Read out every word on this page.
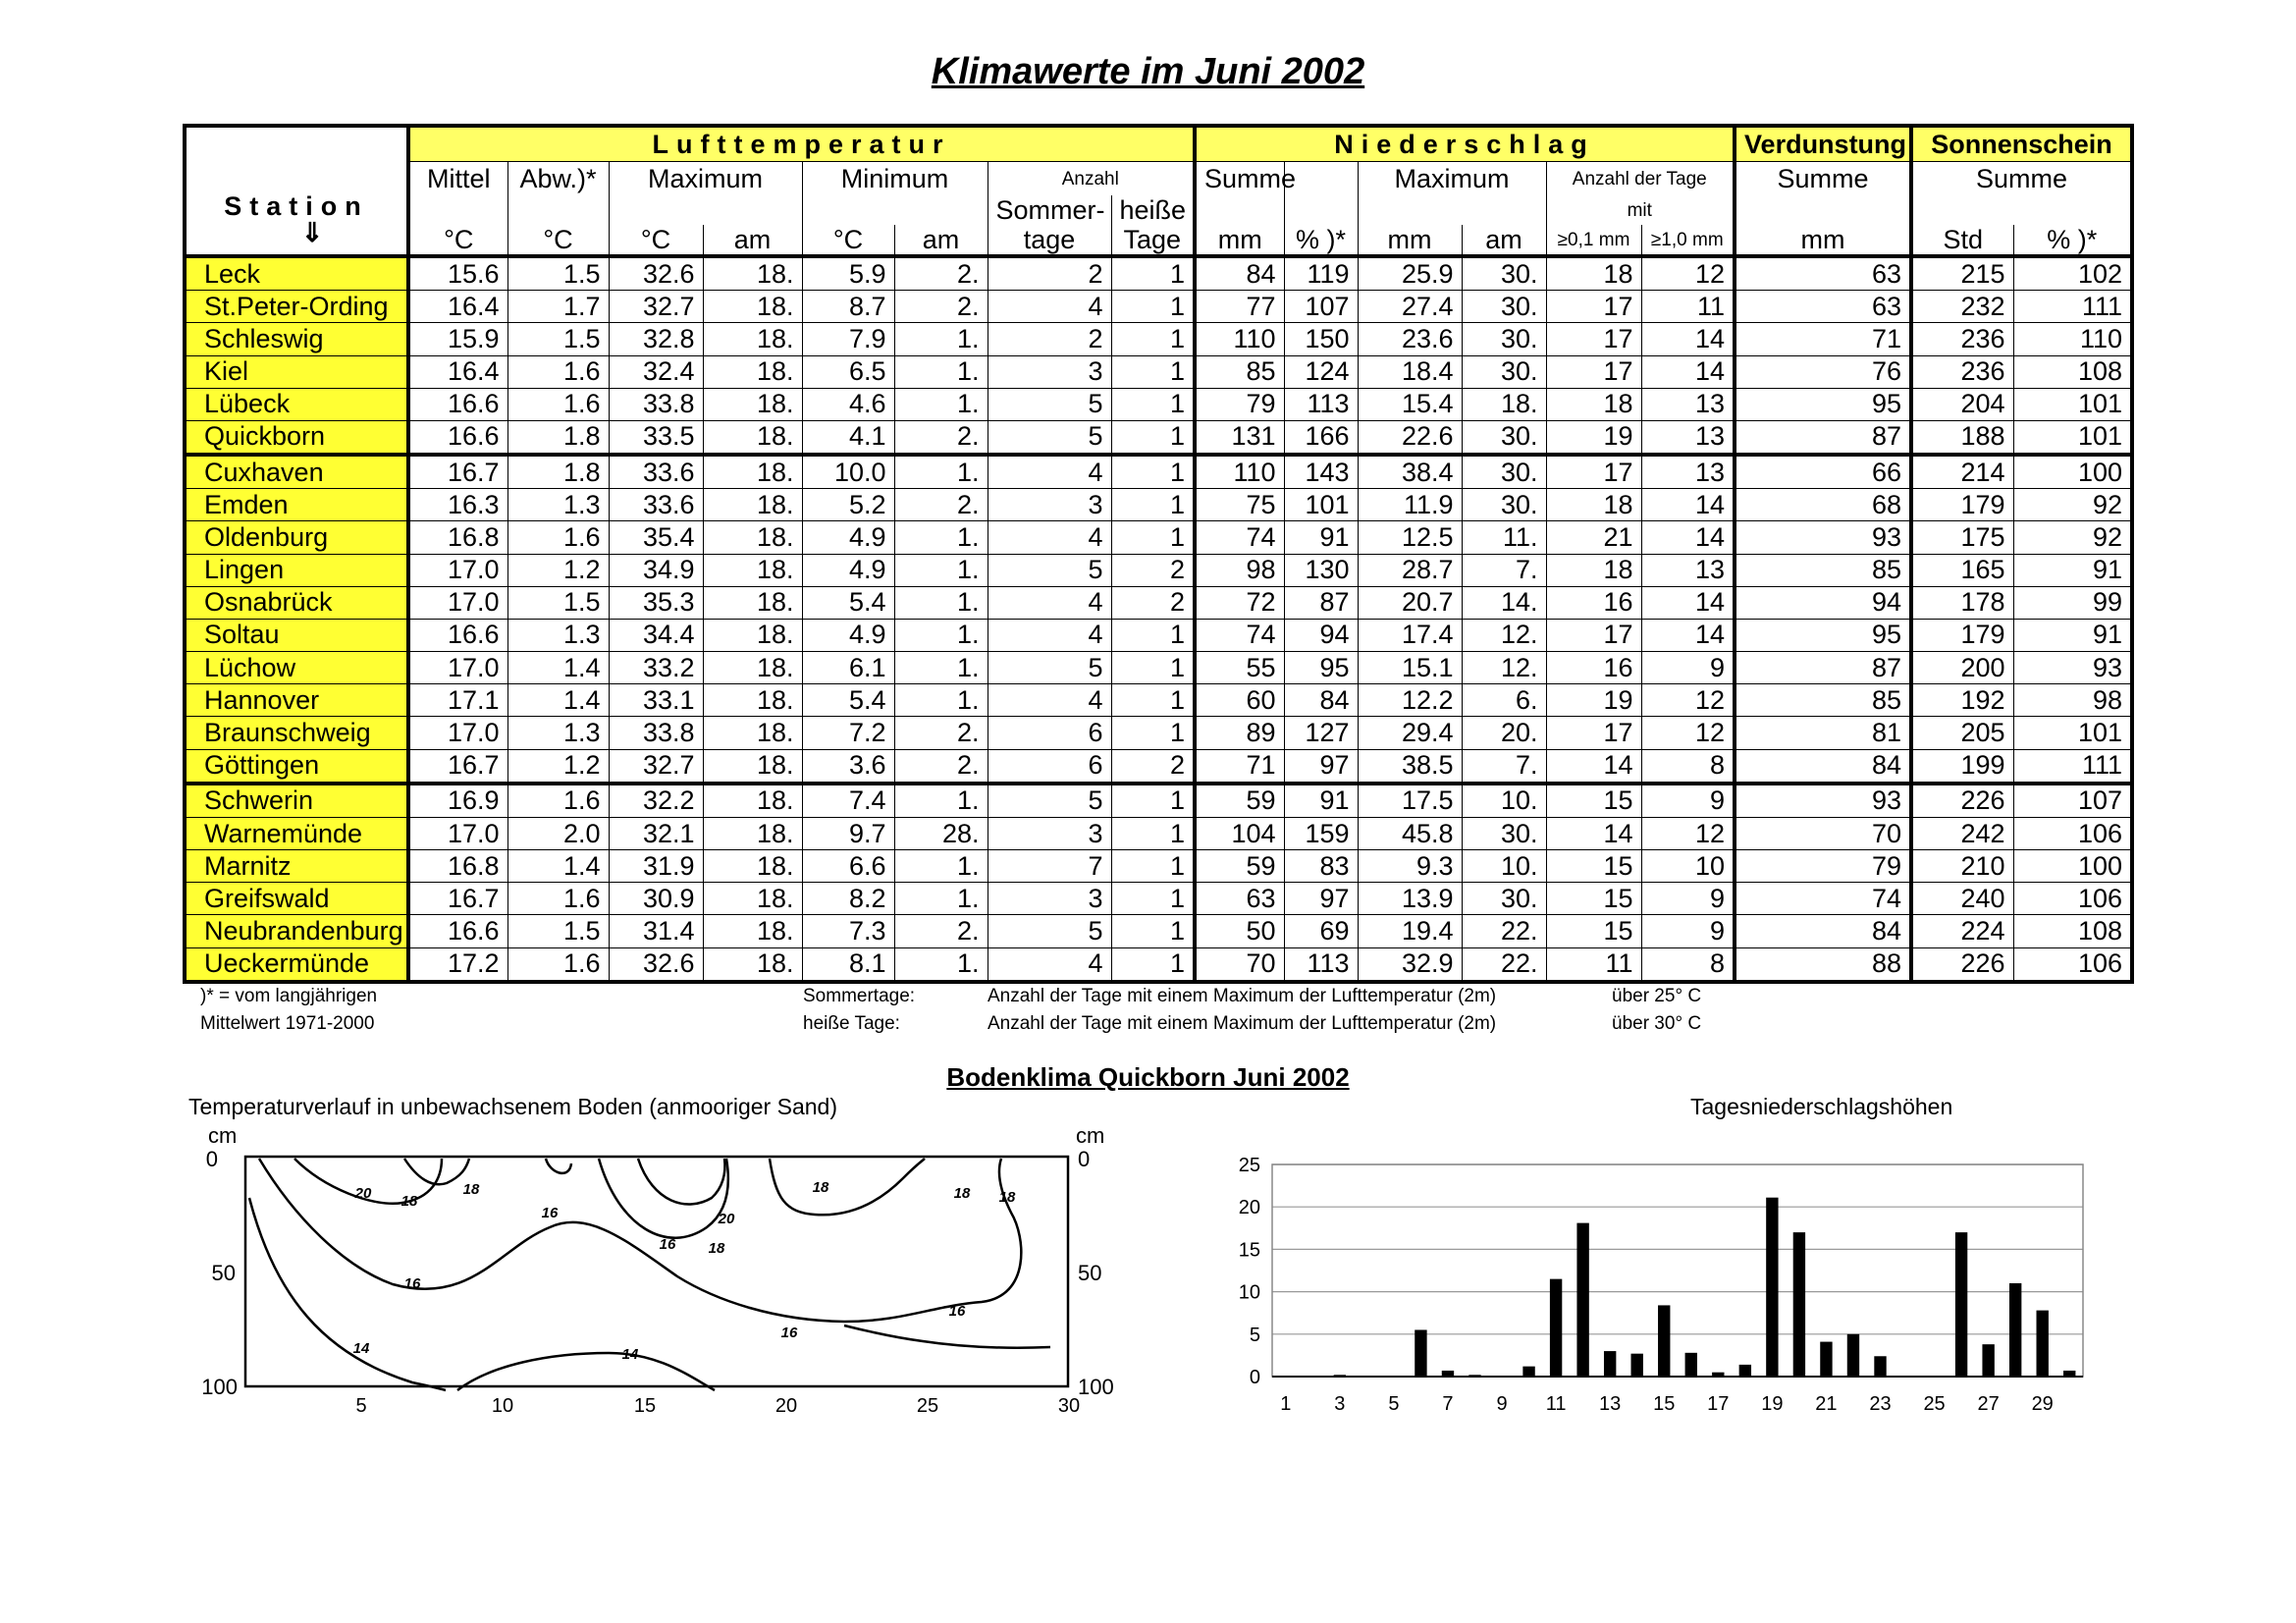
Klimawerte im Juni 2002
Station
⇓	Lufttemperatur								Niederschlag						Verdunstung	Sonnenschein	
	Mittel	Abw.)*	Maximum		Minimum		Anzahl		Summe		Maximum		Anzahl der Tage		Summe	Summe	
							Sommer-	heiße					mit				
	°C	°C	°C	am	°C	am	tage	Tage	mm	% )*	mm	am	≥0,1 mm	≥1,0 mm	mm	Std	% )*
Leck	15.6	1.5	32.6	18.	5.9	2.	2	1	84	119	25.9	30.	18	12	63	215	102
St.Peter-Ording	16.4	1.7	32.7	18.	8.7	2.	4	1	77	107	27.4	30.	17	11	63	232	111
Schleswig	15.9	1.5	32.8	18.	7.9	1.	2	1	110	150	23.6	30.	17	14	71	236	110
Kiel	16.4	1.6	32.4	18.	6.5	1.	3	1	85	124	18.4	30.	17	14	76	236	108
Lübeck	16.6	1.6	33.8	18.	4.6	1.	5	1	79	113	15.4	18.	18	13	95	204	101
Quickborn	16.6	1.8	33.5	18.	4.1	2.	5	1	131	166	22.6	30.	19	13	87	188	101
Cuxhaven	16.7	1.8	33.6	18.	10.0	1.	4	1	110	143	38.4	30.	17	13	66	214	100
Emden	16.3	1.3	33.6	18.	5.2	2.	3	1	75	101	11.9	30.	18	14	68	179	92
Oldenburg	16.8	1.6	35.4	18.	4.9	1.	4	1	74	91	12.5	11.	21	14	93	175	92
Lingen	17.0	1.2	34.9	18.	4.9	1.	5	2	98	130	28.7	7.	18	13	85	165	91
Osnabrück	17.0	1.5	35.3	18.	5.4	1.	4	2	72	87	20.7	14.	16	14	94	178	99
Soltau	16.6	1.3	34.4	18.	4.9	1.	4	1	74	94	17.4	12.	17	14	95	179	91
Lüchow	17.0	1.4	33.2	18.	6.1	1.	5	1	55	95	15.1	12.	16	9	87	200	93
Hannover	17.1	1.4	33.1	18.	5.4	1.	4	1	60	84	12.2	6.	19	12	85	192	98
Braunschweig	17.0	1.3	33.8	18.	7.2	2.	6	1	89	127	29.4	20.	17	12	81	205	101
Göttingen	16.7	1.2	32.7	18.	3.6	2.	6	2	71	97	38.5	7.	14	8	84	199	111
Schwerin	16.9	1.6	32.2	18.	7.4	1.	5	1	59	91	17.5	10.	15	9	93	226	107
Warnemünde	17.0	2.0	32.1	18.	9.7	28.	3	1	104	159	45.8	30.	14	12	70	242	106
Marnitz	16.8	1.4	31.9	18.	6.6	1.	7	1	59	83	9.3	10.	15	10	79	210	100
Greifswald	16.7	1.6	30.9	18.	8.2	1.	3	1	63	97	13.9	30.	15	9	74	240	106
Neubrandenburg	16.6	1.5	31.4	18.	7.3	2.	5	1	50	69	19.4	22.	15	9	84	224	108
Ueckermünde	17.2	1.6	32.6	18.	8.1	1.	4	1	70	113	32.9	22.	11	8	88	226	106
)* = vom langjährigen
Mittelwert 1971-2000
Sommertage:	Anzahl der Tage mit einem Maximum der Lufttemperatur (2m)	über 25° C
heiße Tage:	Anzahl der Tage mit einem Maximum der Lufttemperatur (2m)	über 30° C
Bodenklima Quickborn Juni 2002
Temperaturverlauf in unbewachsenem Boden (anmooriger Sand)	Tagesniederschlagshöhen
cm	cm
0
50
100
0
50
100
20 18
18
16	20
18
16 18
18 18
16
16
16
14	14
5	10	15	20	25	30
0
5
10
15
20
25
1 3 5 7 9 11 13 15 17 19 21 23 25 27 29
